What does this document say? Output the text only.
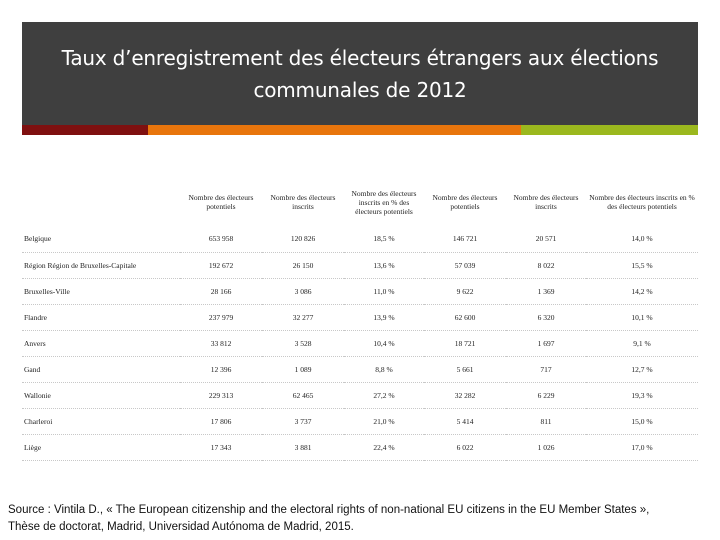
Taux d’enregistrement des électeurs étrangers aux élections
communales de 2012
	Nombre des électeurs potentiels	Nombre des électeurs inscrits	Nombre des électeurs inscrits en % des électeurs potentiels	Nombre des électeurs potentiels	Nombre des électeurs inscrits	Nombre des électeurs inscrits en % des électeurs potentiels
Belgique	653 958	120 826	18,5 %	146 721	20 571	14,0 %
Région Région de Bruxelles-Capitale	192 672	26 150	13,6 %	57 039	8 022	15,5 %
Bruxelles-Ville	28 166	3 086	11,0 %	9 622	1 369	14,2 %
Flandre	237 979	32 277	13,9 %	62 600	6 320	10,1 %
Anvers	33 812	3 528	10,4 %	18 721	1 697	9,1 %
Gand	12 396	1 089	8,8 %	5 661	717	12,7 %
Wallonie	229 313	62 465	27,2 %	32 282	6 229	19,3 %
Charleroi	17 806	3 737	21,0 %	5 414	811	15,0 %
Liège	17 343	3 881	22,4 %	6 022	1 026	17,0 %
Source : Vintila D., « The European citizenship and the electoral rights of non-national EU citizens in the EU Member States »,
Thèse de doctorat, Madrid, Universidad Autónoma de Madrid, 2015.
